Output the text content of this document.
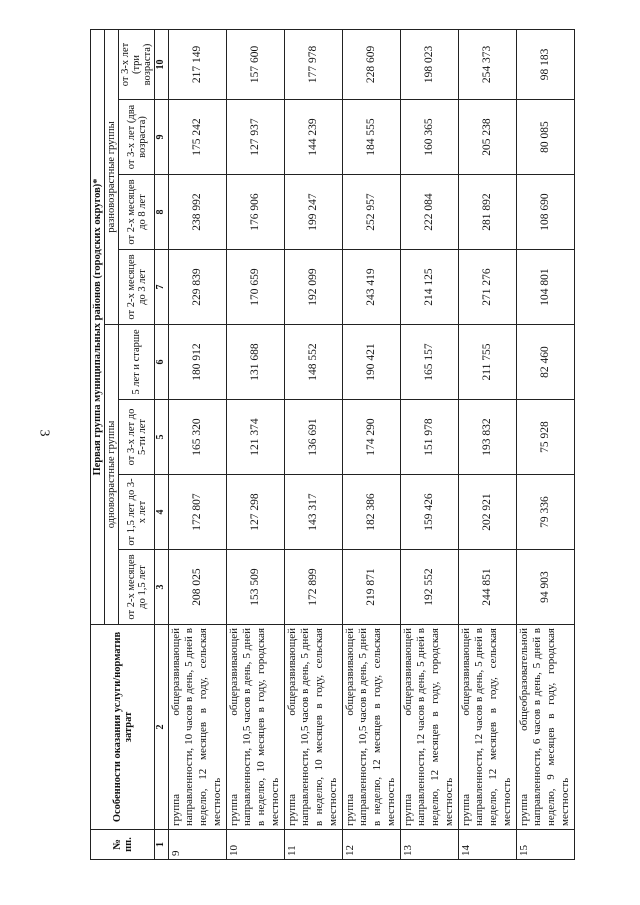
3
№ пп.	Особенности оказания услуги/норматив затрат	Первая группа муниципальных районов (городских округов)*							
		одновозрастные группы				разновозрастные группы			
		от 2-х месяцев до 1,5 лет	от 1,5 лет до 3-х лет	от 3-х лет до 5-ти лет	5 лет и старше	от 2-х месяцев до 3 лет	от 2-х месяцев до 8 лет	от 3-х лет (два возраста)	от 3-х лет (три возраста)
1	2	3	4	5	6	7	8	9	10
9	группа общеразвивающей направленности, 10 часов в день, 5 дней в неделю, 12 месяцев в году, сельская местность	208 025	172 807	165 320	180 912	229 839	238 992	175 242	217 149
10	группа общеразвивающей направленности, 10,5 часов в день, 5 дней в неделю, 10 месяцев в году, городская местность	153 509	127 298	121 374	131 688	170 659	176 906	127 937	157 600
11	группа общеразвивающей направленности, 10,5 часов в день, 5 дней в неделю, 10 месяцев в году, сельская местность	172 899	143 317	136 691	148 552	192 099	199 247	144 239	177 978
12	группа общеразвивающей направленности, 10,5 часов в день, 5 дней в неделю, 12 месяцев в году, сельская местность	219 871	182 386	174 290	190 421	243 419	252 957	184 555	228 609
13	группа общеразвивающей направленности, 12 часов в день, 5 дней в неделю, 12 месяцев в году, городская местность	192 552	159 426	151 978	165 157	214 125	222 084	160 365	198 023
14	группа общеразвивающей направленности, 12 часов в день, 5 дней в неделю, 12 месяцев в году, сельская местность	244 851	202 921	193 832	211 755	271 276	281 892	205 238	254 373
15	группа общеобразовательной направленности, 6 часов в день, 5 дней в неделю, 9 месяцев в году, городская местность	94 903	79 336	75 928	82 460	104 801	108 690	80 085	98 183
